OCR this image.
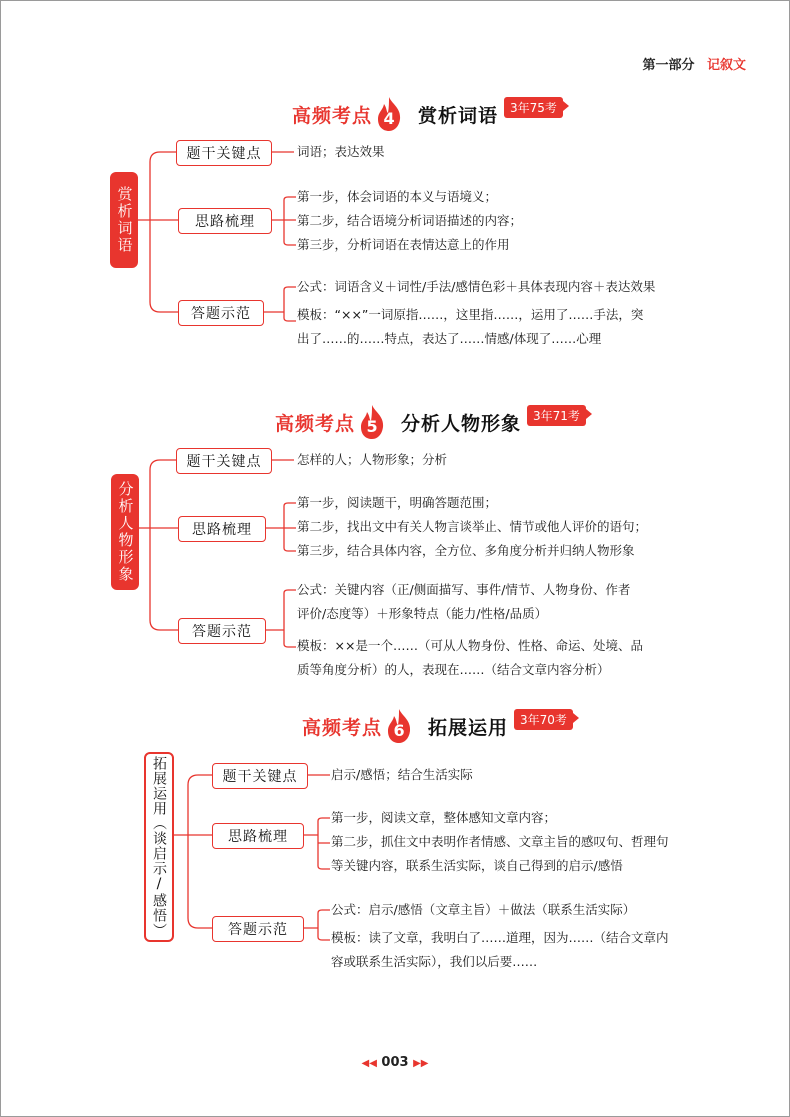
第一部分 记叙文
高频考点 4	赏析词语	3年75考
赏析词语
题干关键点
思路梳理
答题示范
词语；表达效果
第一步，体会词语的本义与语境义；
第二步，结合语境分析词语描述的内容；
第三步，分析词语在表情达意上的作用
公式：词语含义＋词性/手法/感情色彩＋具体表现内容＋表达效果
模板：“××”一词原指……，这里指……，运用了……手法，突
出了……的……特点，表达了……情感/体现了……心理
高频考点 5	分析人物形象	3年71考
分析人物形象
题干关键点
思路梳理
答题示范
怎样的人；人物形象；分析
第一步，阅读题干，明确答题范围；
第二步，找出文中有关人物言谈举止、情节或他人评价的语句；
第三步，结合具体内容，全方位、多角度分析并归纳人物形象
公式：关键内容（正/侧面描写、事件/情节、人物身份、作者
评价/态度等）＋形象特点（能力/性格/品质）
模板：××是一个……（可从人物身份、性格、命运、处境、品
质等角度分析）的人，表现在……（结合文章内容分析）
高频考点 6	拓展运用	3年70考
拓展运用（谈启示/感悟）	题干关键点
思路梳理
答题示范
启示/感悟；结合生活实际
第一步，阅读文章，整体感知文章内容；
第二步，抓住文中表明作者情感、文章主旨的感叹句、哲理句
等关键内容，联系生活实际，谈自己得到的启示/感悟
公式：启示/感悟（文章主旨）＋做法（联系生活实际）
模板：读了文章，我明白了……道理，因为……（结合文章内
容或联系生活实际），我们以后要……
◀◀ 003 ▶▶
